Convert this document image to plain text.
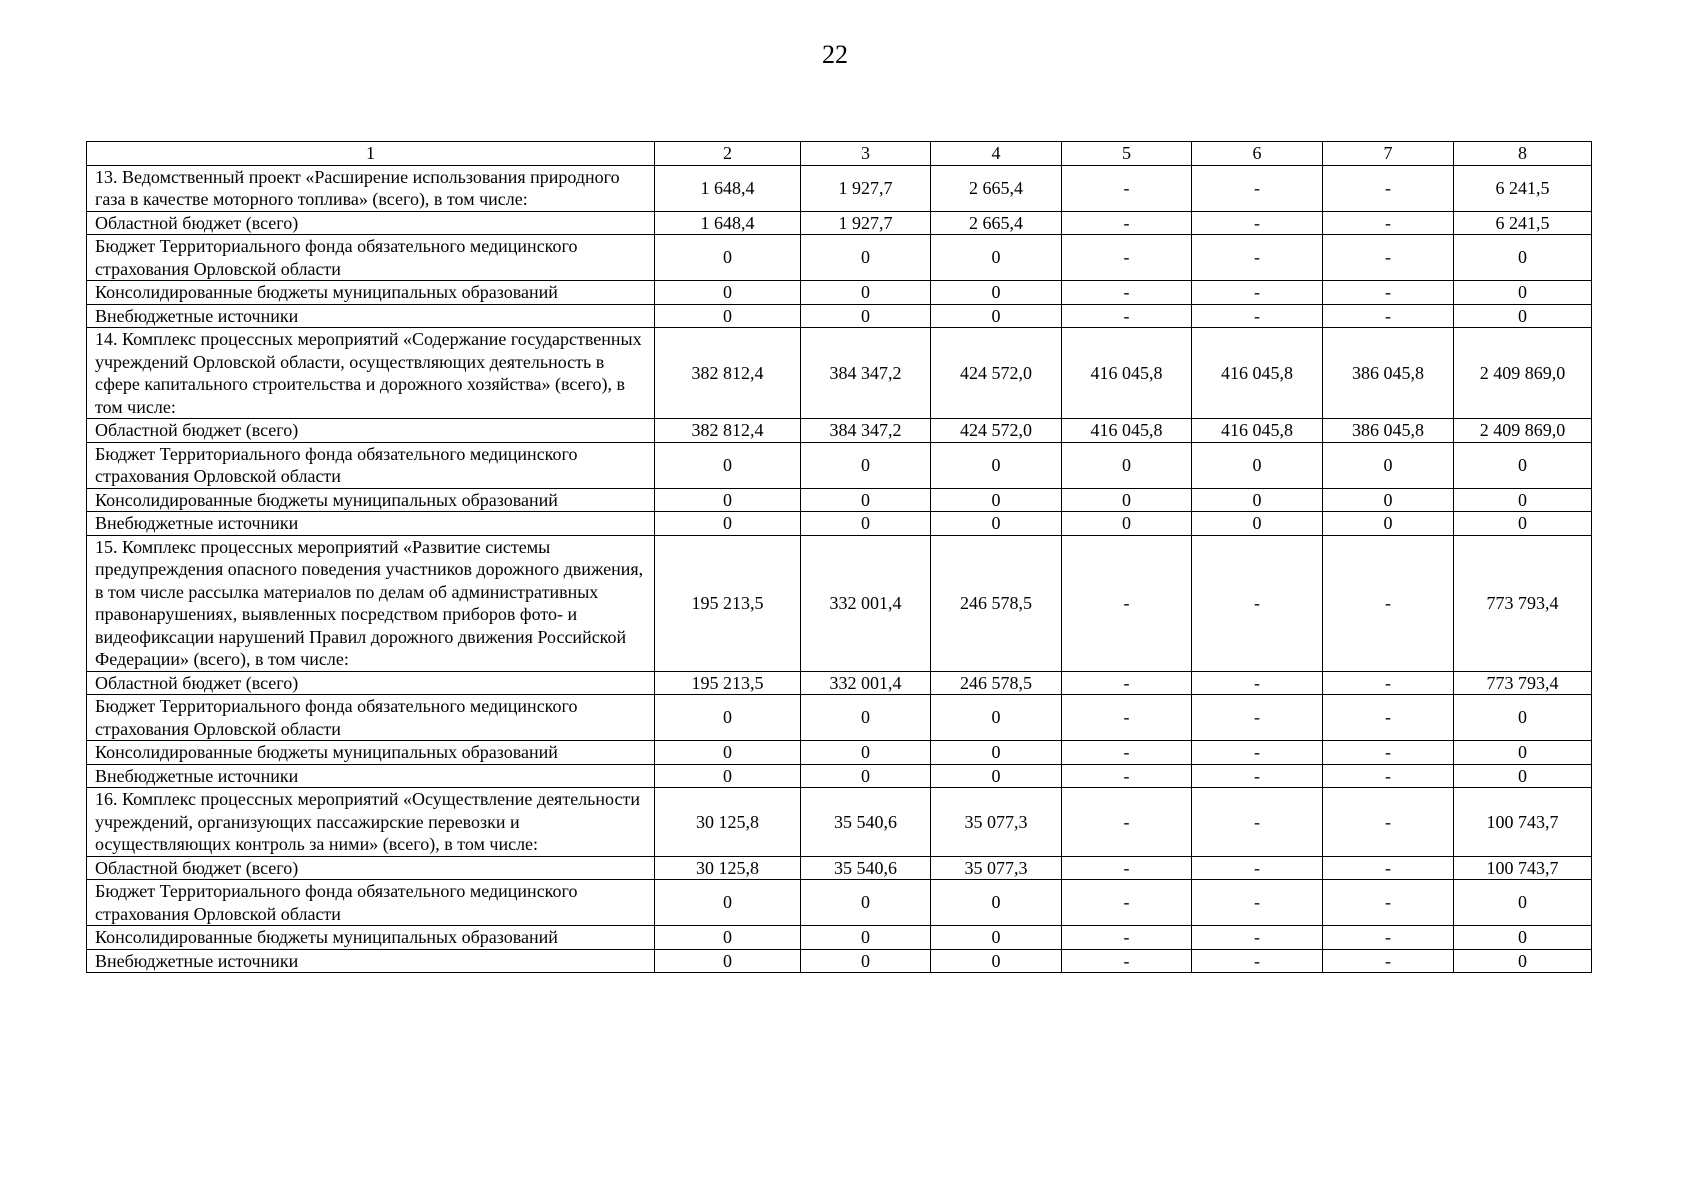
22
1	2	3	4	5	6	7	8
13. Ведомственный проект «Расширение использования природного газа в качестве моторного топлива» (всего), в том числе:	1 648,4	1 927,7	2 665,4	-	-	-	6 241,5
Областной бюджет (всего)	1 648,4	1 927,7	2 665,4	-	-	-	6 241,5
Бюджет Территориального фонда обязательного медицинского страхования Орловской области	0	0	0	-	-	-	0
Консолидированные бюджеты муниципальных образований	0	0	0	-	-	-	0
Внебюджетные источники	0	0	0	-	-	-	0
14. Комплекс процессных мероприятий «Содержание государственных учреждений Орловской области, осуществляющих деятельность в сфере капитального строительства и дорожного хозяйства» (всего), в том числе:	382 812,4	384 347,2	424 572,0	416 045,8	416 045,8	386 045,8	2 409 869,0
Областной бюджет (всего)	382 812,4	384 347,2	424 572,0	416 045,8	416 045,8	386 045,8	2 409 869,0
Бюджет Территориального фонда обязательного медицинского страхования Орловской области	0	0	0	0	0	0	0
Консолидированные бюджеты муниципальных образований	0	0	0	0	0	0	0
Внебюджетные источники	0	0	0	0	0	0	0
15. Комплекс процессных мероприятий «Развитие системы предупреждения опасного поведения участников дорожного движения, в том числе рассылка материалов по делам об административных правонарушениях, выявленных посредством приборов фото- и видеофиксации нарушений Правил дорожного движения Российской Федерации» (всего), в том числе:	195 213,5	332 001,4	246 578,5	-	-	-	773 793,4
Областной бюджет (всего)	195 213,5	332 001,4	246 578,5	-	-	-	773 793,4
Бюджет Территориального фонда обязательного медицинского страхования Орловской области	0	0	0	-	-	-	0
Консолидированные бюджеты муниципальных образований	0	0	0	-	-	-	0
Внебюджетные источники	0	0	0	-	-	-	0
16. Комплекс процессных мероприятий «Осуществление деятельности учреждений, организующих пассажирские перевозки и осуществляющих контроль за ними» (всего), в том числе:	30 125,8	35 540,6	35 077,3	-	-	-	100 743,7
Областной бюджет (всего)	30 125,8	35 540,6	35 077,3	-	-	-	100 743,7
Бюджет Территориального фонда обязательного медицинского страхования Орловской области	0	0	0	-	-	-	0
Консолидированные бюджеты муниципальных образований	0	0	0	-	-	-	0
Внебюджетные источники	0	0	0	-	-	-	0
